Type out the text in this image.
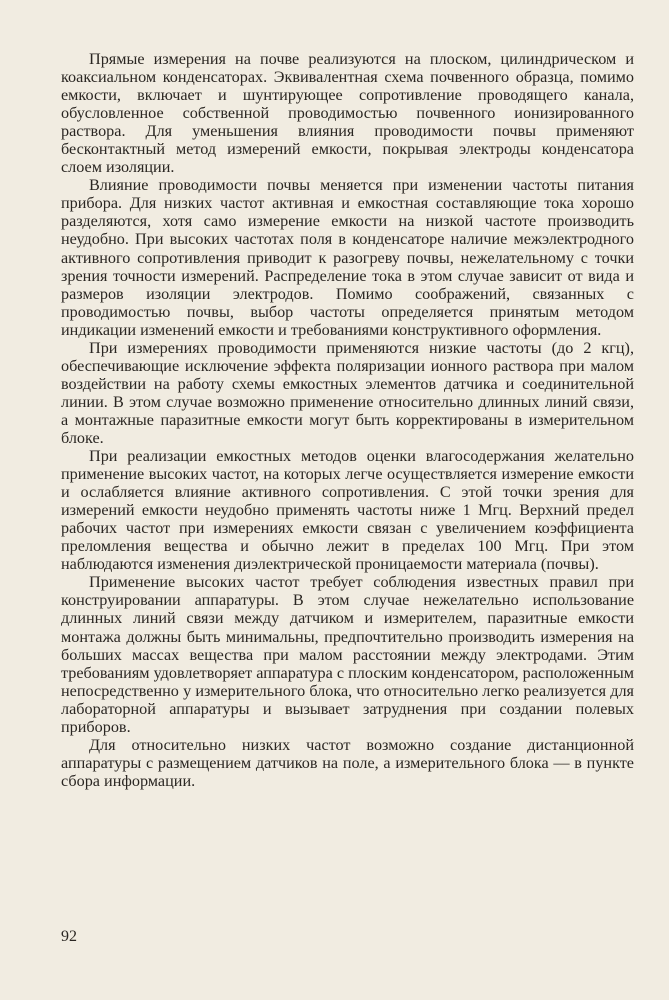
Прямые измерения на почве реализуются на плоском, цилиндрическом и коаксиальном конденсаторах. Эквивалентная схема почвенного образца, помимо емкости, включает и шунтирующее сопротивление проводящего канала, обусловленное собственной проводимостью почвенного ионизированного раствора. Для уменьшения влияния проводимости почвы применяют бесконтактный метод измерений емкости, покрывая электроды конденсатора слоем изоляции.

Влияние проводимости почвы меняется при изменении частоты питания прибора. Для низких частот активная и емкостная составляющие тока хорошо разделяются, хотя само измерение емкости на низкой частоте производить неудобно. При высоких частотах поля в конденсаторе наличие межэлектродного активного сопротивления приводит к разогреву почвы, нежелательному с точки зрения точности измерений. Распределение тока в этом случае зависит от вида и размеров изоляции электродов. Помимо соображений, связанных с проводимостью почвы, выбор частоты определяется принятым методом индикации изменений емкости и требованиями конструктивного оформления.

При измерениях проводимости применяются низкие частоты (до 2 кгц), обеспечивающие исключение эффекта поляризации ионного раствора при малом воздействии на работу схемы емкостных элементов датчика и соединительной линии. В этом случае возможно применение относительно длинных линий связи, а монтажные паразитные емкости могут быть корректированы в измерительном блоке.

При реализации емкостных методов оценки влагосодержания желательно применение высоких частот, на которых легче осуществляется измерение емкости и ослабляется влияние активного сопротивления. С этой точки зрения для измерений емкости неудобно применять частоты ниже 1 Мгц. Верхний предел рабочих частот при измерениях емкости связан с увеличением коэффициента преломления вещества и обычно лежит в пределах 100 Мгц. При этом наблюдаются изменения диэлектрической проницаемости материала (почвы).

Применение высоких частот требует соблюдения известных правил при конструировании аппаратуры. В этом случае нежелательно использование длинных линий связи между датчиком и измерителем, паразитные емкости монтажа должны быть минимальны, предпочтительно производить измерения на больших массах вещества при малом расстоянии между электродами. Этим требованиям удовлетворяет аппаратура с плоским конденсатором, расположенным непосредственно у измерительного блока, что относительно легко реализуется для лабораторной аппаратуры и вызывает затруднения при создании полевых приборов.

Для относительно низких частот возможно создание дистанционной аппаратуры с размещением датчиков на поле, а измерительного блока — в пункте сбора информации.

92
